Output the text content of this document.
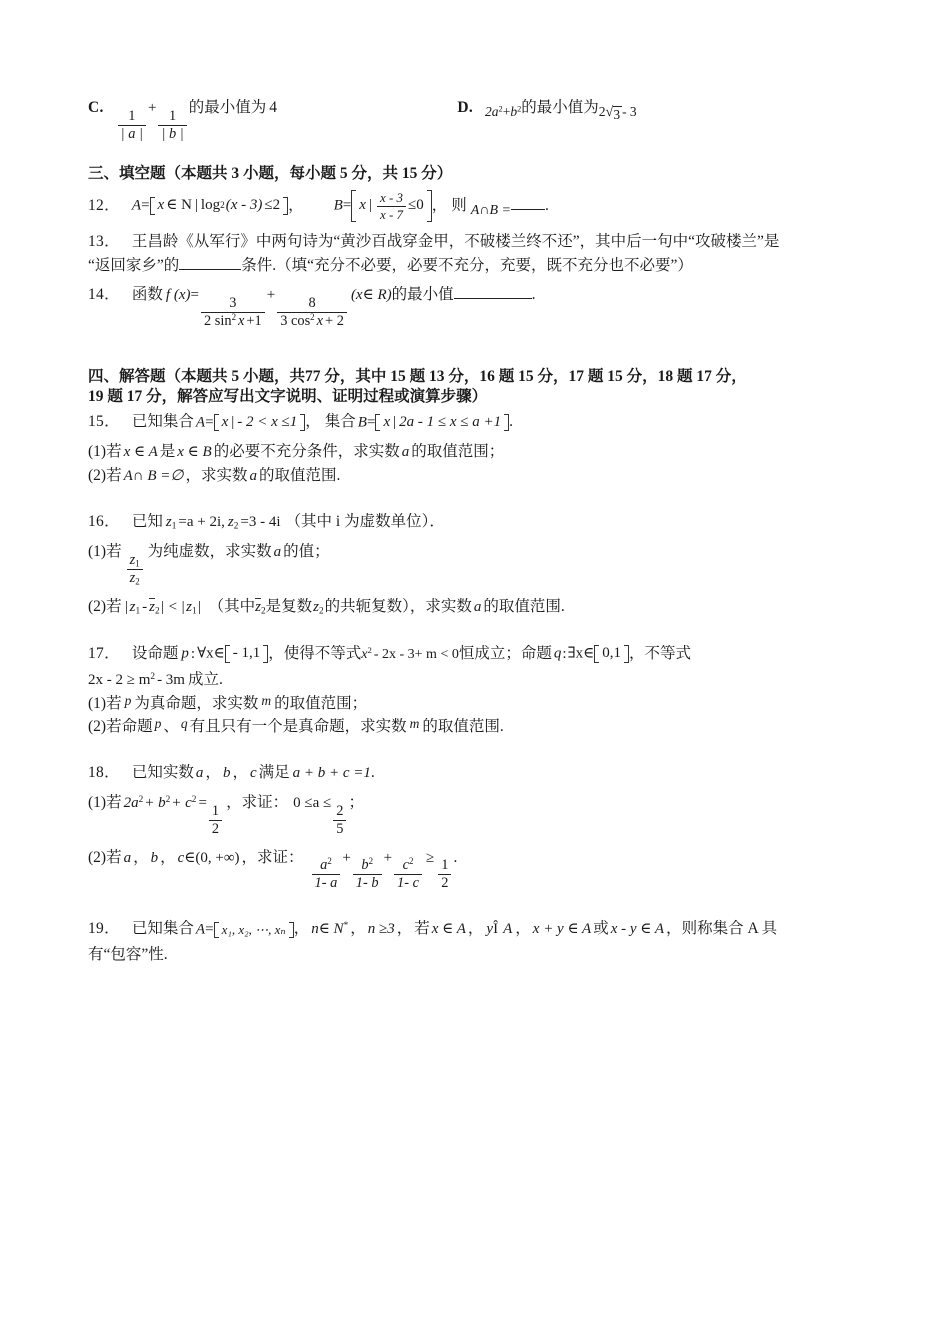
C.
$\frac{1}{| a |}$
+
$\frac{1}{| b |}$
的最小值为 4	D. $2a^2+b^2$ 的最小值为 2 √ 3 - 3
三、填空题（本题共 3 小题，每小题 5 分，共 15 分）
12． A= x ∈ N | log 2 (x - 3) ≤2 ， B= x | $\frac{x - 3}{x - 7} \le 0$ ， 则 A∩B = .
13． 王昌龄《从军行》中两句诗为“黄沙百战穿金甲，不破楼兰终不还”，其中后一句中“攻破楼兰”是
“返回家乡”的	条件.（填“充分不必要，必要不充分，充要，既不充分也不必要”）
14． 函数 f (x)=
$\frac{3}{2 \sin^2 x +1}$
+
$\frac{8}{3 \cos^2 x + 2}$
(x∈ R) 的最小值	.
四、解答题（本题共 5 小题，共77 分，其中 15 题 13 分，16 题 15 分，17 题 15 分，18 题 17 分，
19 题 17 分，解答应写出文字说明、证明过程或演算步骤）
15． 已知集合 A= x | - 2 < x ≤1 ， 集合 B= x | 2a - 1 ≤ x ≤ a +1 .
(1)若 x ∈ A 是 x ∈ B 的必要不充分条件，求实数 a 的取值范围；
(2)若 A∩ B =∅ ，求实数 a 的取值范围.
16． 已知 $z_1 =a + 2i$, $z_2 =3 - 4i$ （其中 i 为虚数单位）．
(1)若
$\frac{z_1}{z_2}$
为纯虚数，求实数 a 的值；
(2)若 | $z_1 - z_2$ | < | $z_1$ | （其中 $z_2$ 是复数 $z_2$ 的共轭复数），求实数 a 的取值范围.
17． 设命题 p : ∀x∈ - 1,1 ，使得不等式 $x^2 - 2x - 3+ m < 0$ 恒成立；命题 q:∃x∈ 0,1 ，不等式
$2x - 2 \ge m^2 - 3m$ 成立.
(1)若 p 为真命题，求实数 m 的取值范围；
(2)若命题 p 、 q 有且只有一个是真命题，求实数 m 的取值范围.
18． 已知实数 a ， b ， c 满足 a + b + c =1 .
(1)若 $2a^2+ b^2+ c^2$ =
$\frac{1}{2}$
，求证： 0 ≤a ≤
$\frac{2}{5}$
；
(2)若 a ， b ， c∈(0, +∞) ，求证：
$\frac{a^2}{1- a}$
+
$\frac{b^2}{1- b}$
+
$\frac{c^2}{1- c}$
≥
$\frac{1}{2}$
.
19． 已知集合 A= x₁, x₂, ⋯, xₙ ， n∈ N* ， n ≥3 ， 若 x ∈ A ， yÎ A ， x + y ∈ A 或 x - y ∈ A ， 则称集合 A 具
有“包容”性.
